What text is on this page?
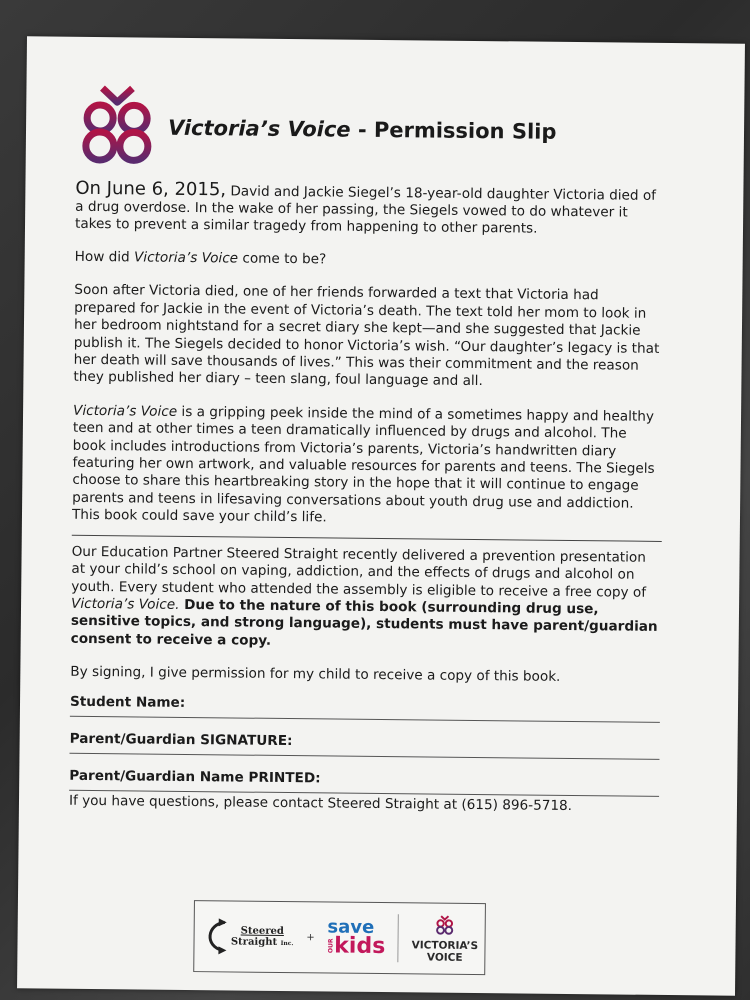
Victoria’s Voice - Permission Slip

On June 6, 2015, David and Jackie Siegel’s 18-year-old daughter Victoria died of a drug overdose. In the wake of her passing, the Siegels vowed to do whatever it takes to prevent a similar tragedy from happening to other parents.

How did Victoria’s Voice come to be?

Soon after Victoria died, one of her friends forwarded a text that Victoria had prepared for Jackie in the event of Victoria’s death. The text told her mom to look in her bedroom nightstand for a secret diary she kept—and she suggested that Jackie publish it. The Siegels decided to honor Victoria’s wish. “Our daughter’s legacy is that her death will save thousands of lives.” This was their commitment and the reason they published her diary – teen slang, foul language and all.

Victoria’s Voice is a gripping peek inside the mind of a sometimes happy and healthy teen and at other times a teen dramatically influenced by drugs and alcohol. The book includes introductions from Victoria’s parents, Victoria’s handwritten diary featuring her own artwork, and valuable resources for parents and teens. The Siegels choose to share this heartbreaking story in the hope that it will continue to engage parents and teens in lifesaving conversations about youth drug use and addiction. This book could save your child’s life.

Our Education Partner Steered Straight recently delivered a prevention presentation at your child’s school on vaping, addiction, and the effects of drugs and alcohol on youth. Every student who attended the assembly is eligible to receive a free copy of Victoria’s Voice. Due to the nature of this book (surrounding drug use, sensitive topics, and strong language), students must have parent/guardian consent to receive a copy.

By signing, I give permission for my child to receive a copy of this book.

Student Name:
Parent/Guardian SIGNATURE:
Parent/Guardian Name PRINTED:

If you have questions, please contact Steered Straight at (615) 896-5718.

Steered
Straight Inc.
+ save
OUR kids VICTORIA’S
VOICE
